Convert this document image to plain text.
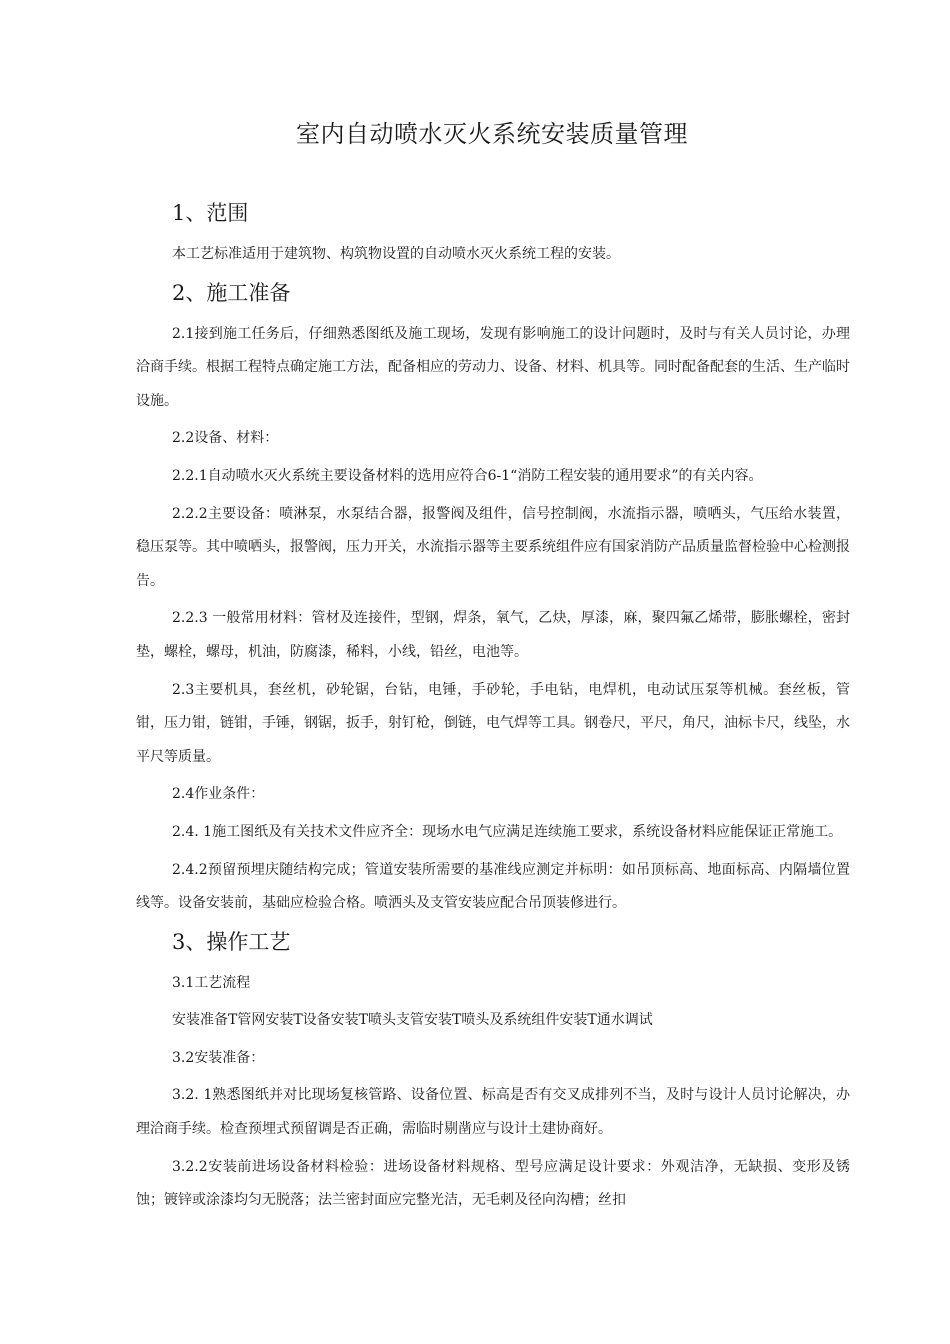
室内自动喷水灭火系统安装质量管理
1、范围

本工艺标准适用于建筑物、构筑物设置的自动喷水灭火系统工程的安装。

2、施工准备

2.1接到施工任务后，仔细熟悉图纸及施工现场，发现有影响施工的设计问题时，及时与有关人员讨论，办理洽商手续。根据工程特点确定施工方法，配备相应的劳动力、设备、材料、机具等。同时配备配套的生活、生产临时设施。

2.2设备、材料：

2.2.1自动喷水灭火系统主要设备材料的选用应符合6-1“消防工程安装的通用要求”的有关内容。

2.2.2主要设备：喷淋泵，水泵结合器，报警阀及组件，信号控制阀，水流指示器，喷哂头，气压给水装置，稳压泵等。其中喷哂头，报警阀，压力开关，水流指示器等主要系统组件应有国家消防产品质量监督检验中心检测报告。

2.2.3 一般常用材料：管材及连接件，型钢，焊条，氧气，乙炔，厚漆，麻，聚四氟乙烯带，膨胀螺栓，密封垫，螺栓，螺母，机油，防腐漆，稀料，小线，铅丝，电池等。

2.3主要机具，套丝机，砂轮锯，台钻，电锤，手砂轮，手电钻，电焊机，电动试压泵等机械。套丝板，管钳，压力钳，链钳，手锤，钢锯，扳手，射钉枪，倒链，电气焊等工具。钢卷尺，平尺，角尺，油标卡尺，线坠，水平尺等质量。

2.4作业条件：

2.4. 1施工图纸及有关技术文件应齐全：现场水电气应满足连续施工要求，系统设备材料应能保证正常施工。

2.4.2预留预埋庆随结构完成；管道安装所需要的基准线应测定并标明：如吊顶标高、地面标高、内隔墙位置线等。设备安装前，基础应检验合格。喷洒头及支管安装应配合吊顶装修进行。

3、操作工艺

3.1工艺流程

安装准备T管网安装T设备安装T喷头支管安装T喷头及系统组件安装T通水调试

3.2安装准备：

3.2. 1熟悉图纸并对比现场复核管路、设备位置、标高是否有交叉成排列不当，及时与设计人员讨论解决，办理洽商手续。检查预埋式预留调是否正确，需临时剔凿应与设计土建协商好。

3.2.2安装前进场设备材料检验：进场设备材料规格、型号应满足设计要求：外观洁净，无缺损、变形及锈蚀；镀锌或涂漆均匀无脱落；法兰密封面应完整光洁，无毛刺及径向沟槽；丝扣
